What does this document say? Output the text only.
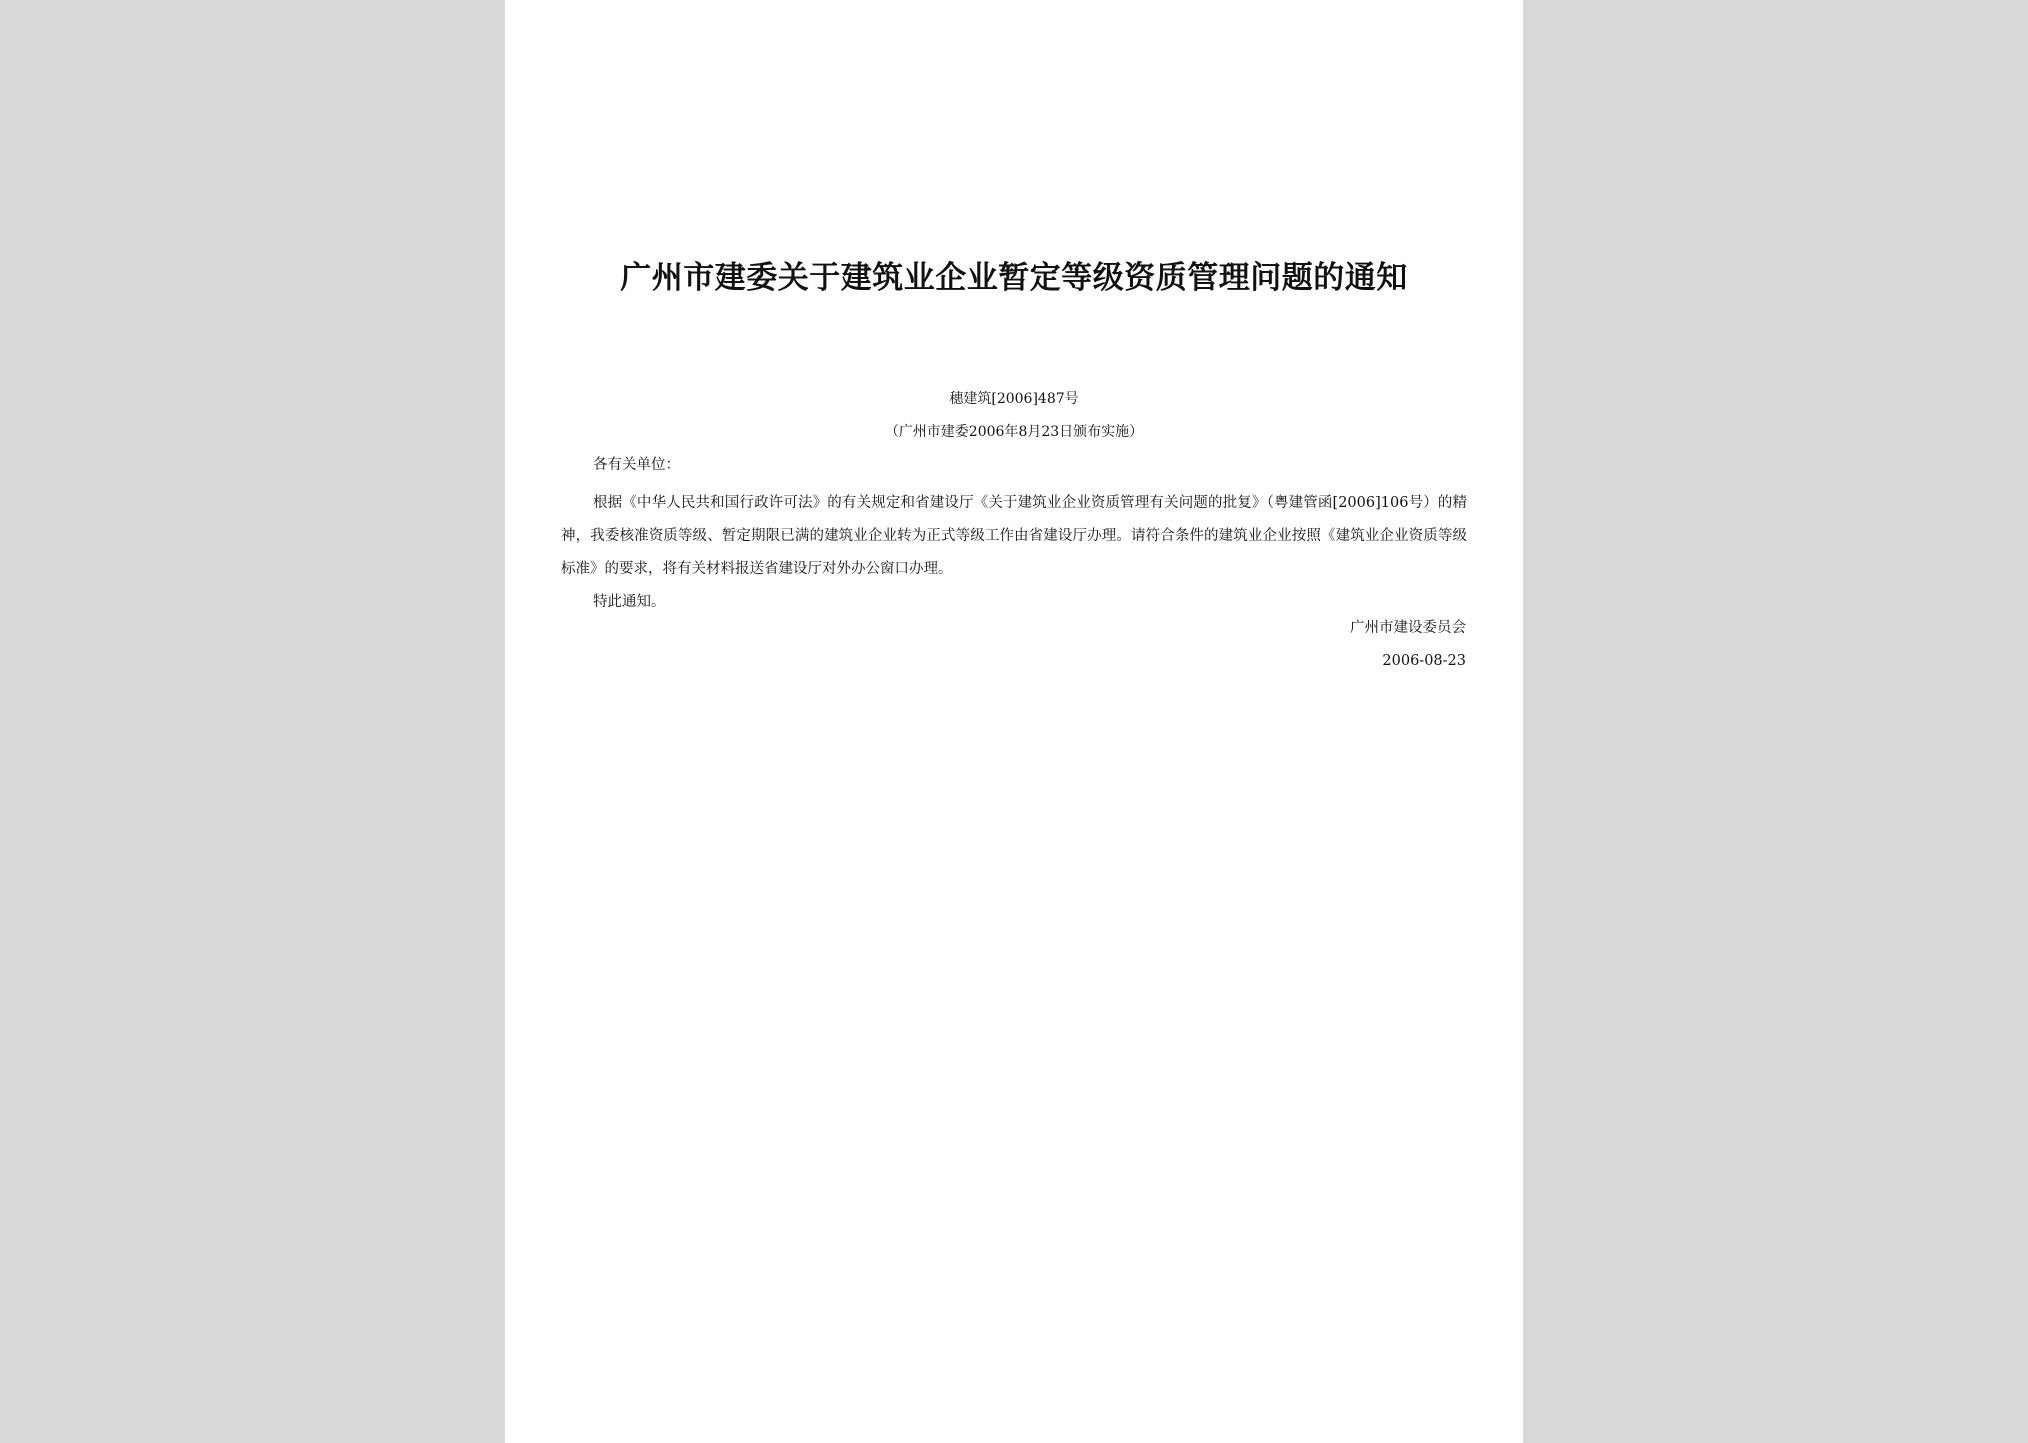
广州市建委关于建筑业企业暂定等级资质管理问题的通知
穗建筑[2006]487号
（广州市建委2006年8月23日颁布实施）

各有关单位：

根据《中华人民共和国行政许可法》的有关规定和省建设厅《关于建筑业企业资质管理有关问题的批复》（粤建管函[2006]106号）的精神，我委核准资质等级、暂定期限已满的建筑业企业转为正式等级工作由省建设厅办理。请符合条件的建筑业企业按照《建筑业企业资质等级标准》的要求，将有关材料报送省建设厅对外办公窗口办理。

特此通知。

广州市建设委员会
2006-08-23
